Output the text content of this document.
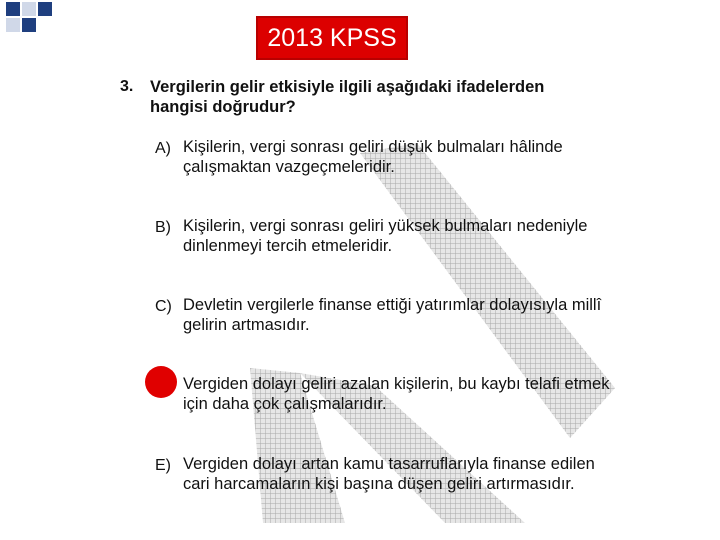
2013 KPSS
3. Vergilerin gelir etkisiyle ilgili aşağıdaki ifadelerden hangisi doğrudur?
A) Kişilerin, vergi sonrası geliri düşük bulmaları hâlinde çalışmaktan vazgeçmeleridir.
B) Kişilerin, vergi sonrası geliri yüksek bulmaları nedeniyle dinlenmeyi tercih etmeleridir.
C) Devletin vergilerle finanse ettiği yatırımlar dolayısıyla millî gelirin artmasıdır.
Vergiden dolayı geliri azalan kişilerin, bu kaybı telafi etmek için daha çok çalışmalarıdır.
E) Vergiden dolayı artan kamu tasarruflarıyla finanse edilen cari harcamaların kişi başına düşen geliri artırmasıdır.
